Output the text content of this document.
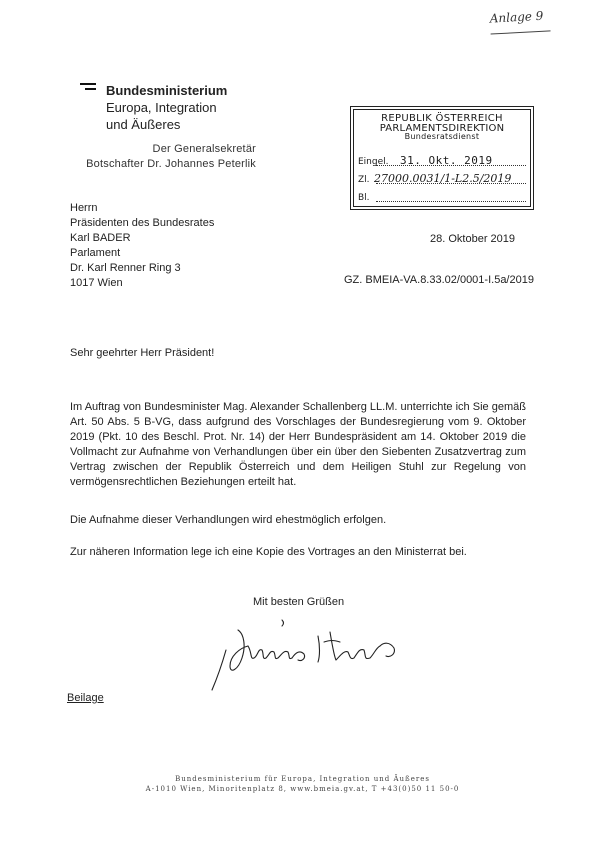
Anlage 9
Bundesministerium
Europa, Integration
und Äußeres
Der Generalsekretär
Botschafter Dr. Johannes Peterlik
REPUBLIK ÖSTERREICH
PARLAMENTSDIREKTION
Bundesratsdienst
Eingel. 31. Okt. 2019
Zl. 27000.0031/1-L2.5/2019
Bl.
Herrn
Präsidenten des Bundesrates
Karl BADER
Parlament
Dr. Karl Renner Ring 3
1017 Wien
28. Oktober 2019
GZ. BMEIA-VA.8.33.02/0001-I.5a/2019
Sehr geehrter Herr Präsident!
Im Auftrag von Bundesminister Mag. Alexander Schallenberg LL.M. unterrichte ich Sie gemäß Art. 50 Abs. 5 B-VG, dass aufgrund des Vorschlages der Bundesregierung vom 9. Oktober 2019 (Pkt. 10 des Beschl. Prot. Nr. 14) der Herr Bundespräsident am 14. Oktober 2019 die Vollmacht zur Aufnahme von Verhandlungen über ein über den Siebenten Zusatzvertrag zum Vertrag zwischen der Republik Österreich und dem Heiligen Stuhl zur Regelung von vermögensrechtlichen Beziehungen erteilt hat.
Die Aufnahme dieser Verhandlungen wird ehestmöglich erfolgen.
Zur näheren Information lege ich eine Kopie des Vortrages an den Ministerrat bei.
Mit besten Grüßen
Beilage
Bundesministerium für Europa, Integration und Äußeres
A-1010 Wien, Minoritenplatz 8, www.bmeia.gv.at, T +43(0)50 11 50-0
